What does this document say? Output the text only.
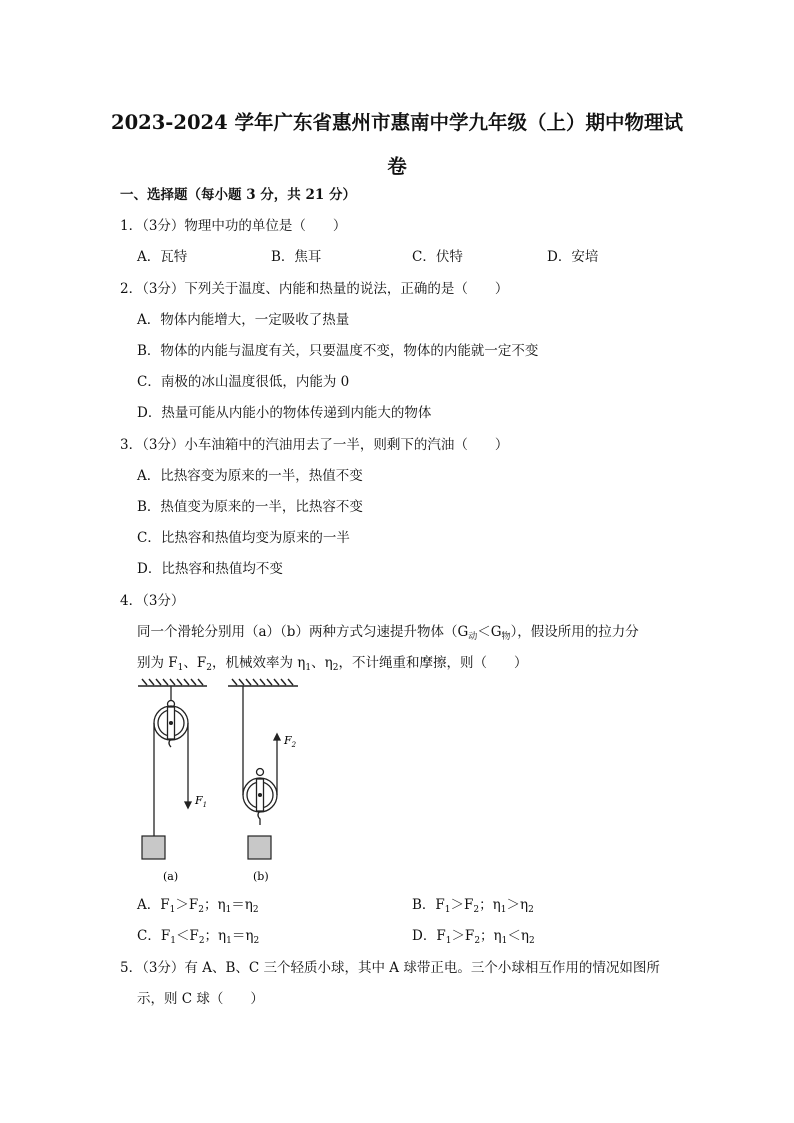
2023-2024 学年广东省惠州市惠南中学九年级（上）期中物理试
卷
一、选择题（每小题 3 分，共 21 分）
1．（3分）物理中功的单位是（　　）
A．瓦特	B．焦耳	C．伏特	D．安培
2．（3分）下列关于温度、内能和热量的说法，正确的是（　　）
A．物体内能增大，一定吸收了热量
B．物体的内能与温度有关，只要温度不变，物体的内能就一定不变
C．南极的冰山温度很低，内能为 0
D．热量可能从内能小的物体传递到内能大的物体
3．（3分）小车油箱中的汽油用去了一半，则剩下的汽油（　　）
A．比热容变为原来的一半，热值不变
B．热值变为原来的一半，比热容不变
C．比热容和热值均变为原来的一半
D．比热容和热值均不变
4．（3分）
同一个滑轮分别用（a）（b）两种方式匀速提升物体$(G_动<G_物)$，假设所用的拉力分
别为 $F_1$、$F_2$，机械效率为 $\eta_1$、$\eta_2$，不计绳重和摩擦，则（　　）
$F_1$
(a)
$F_2$
(b)
A．$F_1>F_2$；$\eta_1=\eta_2$	B．$F_1>F_2$；$\eta_1>\eta_2$
C．$F_1<F_2$；$\eta_1=\eta_2$	D．$F_1>F_2$；$\eta_1<\eta_2$
5．（3分）有 A、B、C 三个轻质小球，其中 A 球带正电。三个小球相互作用的情况如图所
示，则 C 球（　　）
